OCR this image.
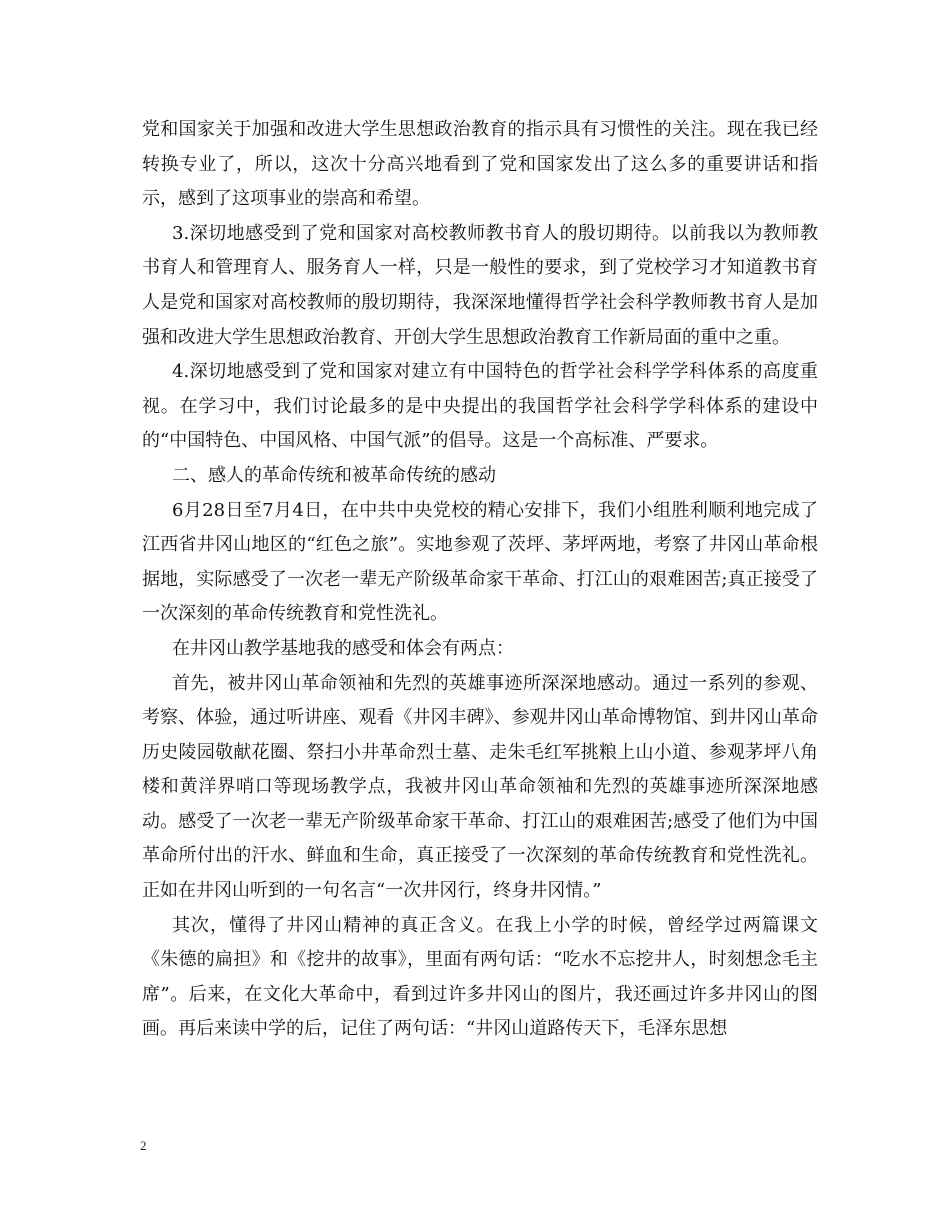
党和国家关于加强和改进大学生思想政治教育的指示具有习惯性的关注。现在我已经转换专业了，所以，这次十分高兴地看到了党和国家发出了这么多的重要讲话和指示，感到了这项事业的崇高和希望。

3.深切地感受到了党和国家对高校教师教书育人的殷切期待。以前我以为教师教书育人和管理育人、服务育人一样，只是一般性的要求，到了党校学习才知道教书育人是党和国家对高校教师的殷切期待，我深深地懂得哲学社会科学教师教书育人是加强和改进大学生思想政治教育、开创大学生思想政治教育工作新局面的重中之重。

4.深切地感受到了党和国家对建立有中国特色的哲学社会科学学科体系的高度重视。在学习中，我们讨论最多的是中央提出的我国哲学社会科学学科体系的建设中的“中国特色、中国风格、中国气派”的倡导。这是一个高标准、严要求。

二、感人的革命传统和被革命传统的感动

6月28日至7月4日，在中共中央党校的精心安排下，我们小组胜利顺利地完成了江西省井冈山地区的“红色之旅”。实地参观了茨坪、茅坪两地，考察了井冈山革命根据地，实际感受了一次老一辈无产阶级革命家干革命、打江山的艰难困苦;真正接受了一次深刻的革命传统教育和党性洗礼。

在井冈山教学基地我的感受和体会有两点：

首先，被井冈山革命领袖和先烈的英雄事迹所深深地感动。通过一系列的参观、考察、体验，通过听讲座、观看《井冈丰碑》、参观井冈山革命博物馆、到井冈山革命历史陵园敬献花圈、祭扫小井革命烈士墓、走朱毛红军挑粮上山小道、参观茅坪八角楼和黄洋界哨口等现场教学点，我被井冈山革命领袖和先烈的英雄事迹所深深地感动。感受了一次老一辈无产阶级革命家干革命、打江山的艰难困苦;感受了他们为中国革命所付出的汗水、鲜血和生命，真正接受了一次深刻的革命传统教育和党性洗礼。正如在井冈山听到的一句名言“一次井冈行，终身井冈情。”

其次，懂得了井冈山精神的真正含义。在我上小学的时候，曾经学过两篇课文《朱德的扁担》和《挖井的故事》，里面有两句话：“吃水不忘挖井人，时刻想念毛主席”。后来，在文化大革命中，看到过许多井冈山的图片，我还画过许多井冈山的图画。再后来读中学的后，记住了两句话：“井冈山道路传天下，毛泽东思想

2
